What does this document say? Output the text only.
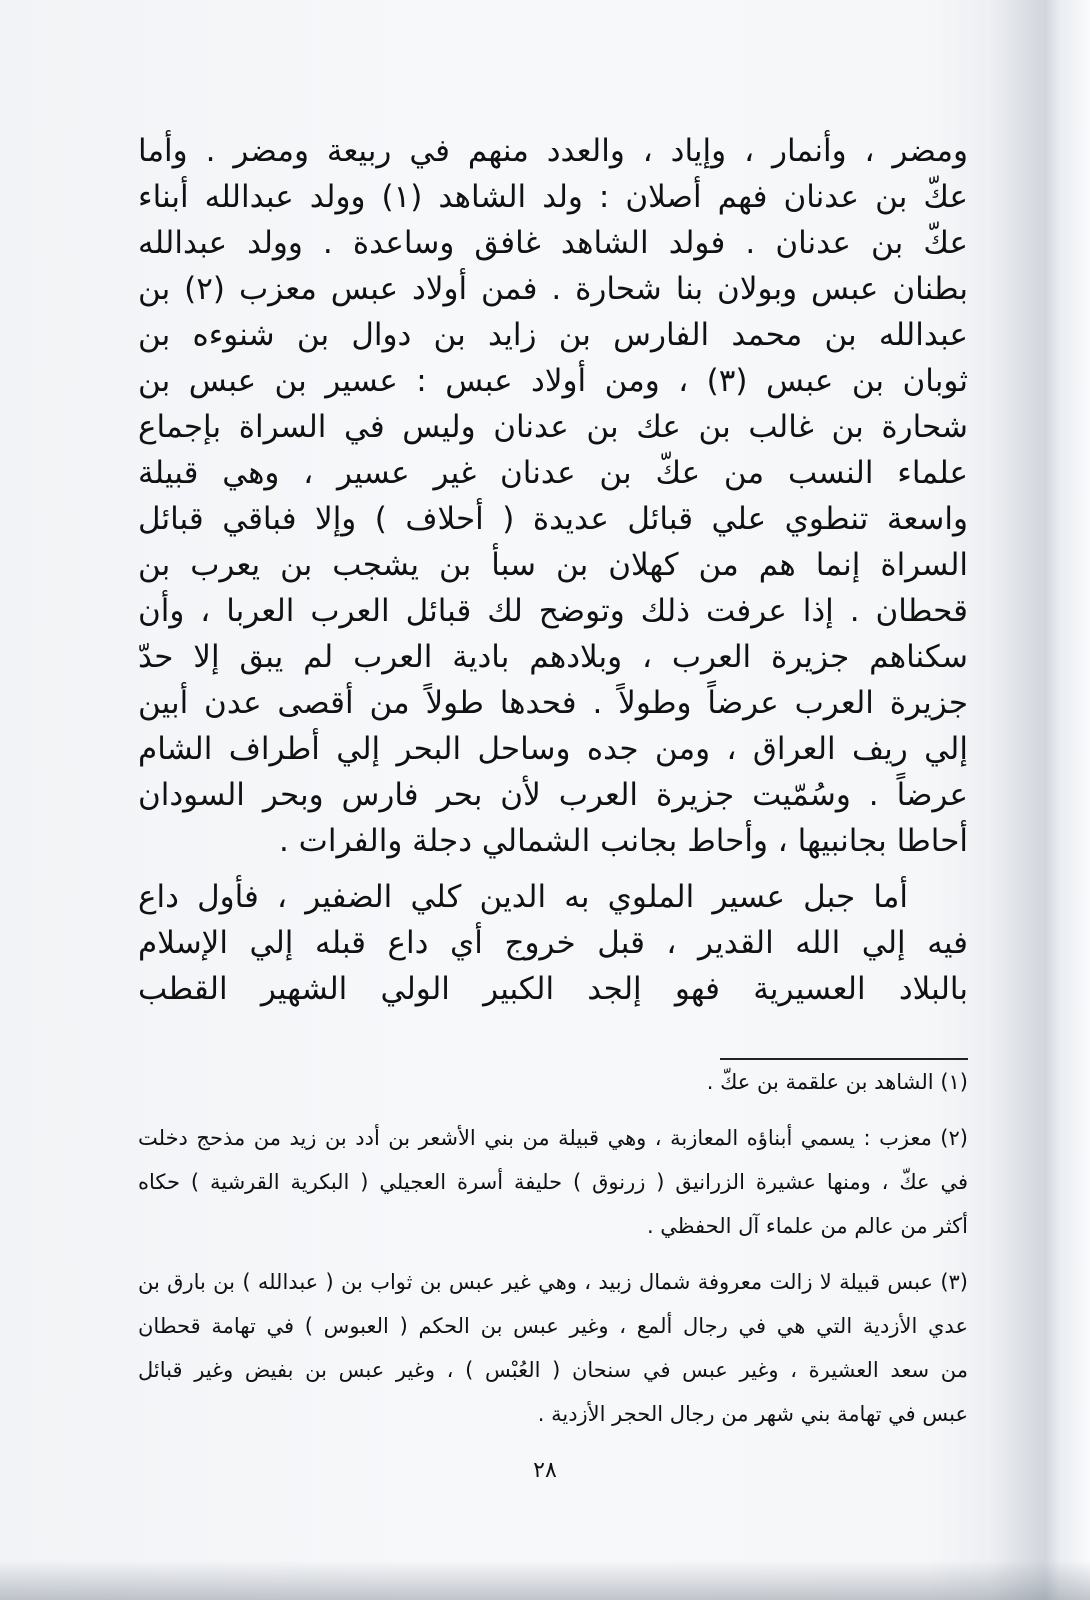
ومضر ، وأنمار ، وإياد ، والعدد منهم في ربيعة ومضر . وأما
عكّ بن عدنان فهم أصلان : ولد الشاهد (١) وولد عبدالله أبناء
عكّ بن عدنان . فولد الشاهد غافق وساعدة . وولد عبدالله
بطنان عبس وبولان بنا شحارة . فمن أولاد عبس معزب (٢) بن
عبدالله بن محمد الفارس بن زايد بن دوال بن شنوءه بن
ثوبان بن عبس (٣) ، ومن أولاد عبس : عسير بن عبس بن
شحارة بن غالب بن عك بن عدنان وليس في السراة بإجماع
علماء النسب من عكّ بن عدنان غير عسير ، وهي قبيلة
واسعة تنطوي علي قبائل عديدة ( أحلاف ) وإلا فباقي قبائل
السراة إنما هم من كهلان بن سبأ بن يشجب بن يعرب بن
قحطان . إذا عرفت ذلك وتوضح لك قبائل العرب العربا ، وأن
سكناهم جزيرة العرب ، وبلادهم بادية العرب لم يبق إلا حدّ
جزيرة العرب عرضاً وطولاً . فحدها طولاً من أقصى عدن أبين
إلي ريف العراق ، ومن جده وساحل البحر إلي أطراف الشام
عرضاً . وسُمّيت جزيرة العرب لأن بحر فارس وبحر السودان
أحاطا بجانبيها ، وأحاط بجانب الشمالي دجلة والفرات .
أما جبل عسير الملوي به الدين كلي الضفير ، فأول داع
فيه إلي الله القدير ، قبل خروج أي داع قبله إلي الإسلام
بالبلاد العسيرية فهو إلجد الكبير الولي الشهير القطب
(١) الشاهد بن علقمة بن عكّ .
(٢) معزب : يسمي أبناؤه المعازبة ، وهي قبيلة من بني الأشعر بن أدد بن زيد من مذحج دخلت
في عكّ ، ومنها عشيرة الزرانيق ( زرنوق ) حليفة أسرة العجيلي ( البكرية القرشية ) حكاه
أكثر من عالم من علماء آل الحفظي .
(٣) عبس قبيلة لا زالت معروفة شمال زبيد ، وهي غير عبس بن ثواب بن ( عبدالله ) بن بارق بن
عدي الأزدية التي هي في رجال ألمع ، وغير عبس بن الحكم ( العبوس ) في تهامة قحطان
من سعد العشيرة ، وغير عبس في سنحان ( العُبْس ) ، وغير عبس بن بفيض وغير قبائل
عبس في تهامة بني شهر من رجال الحجر الأزدية .
٢٨
